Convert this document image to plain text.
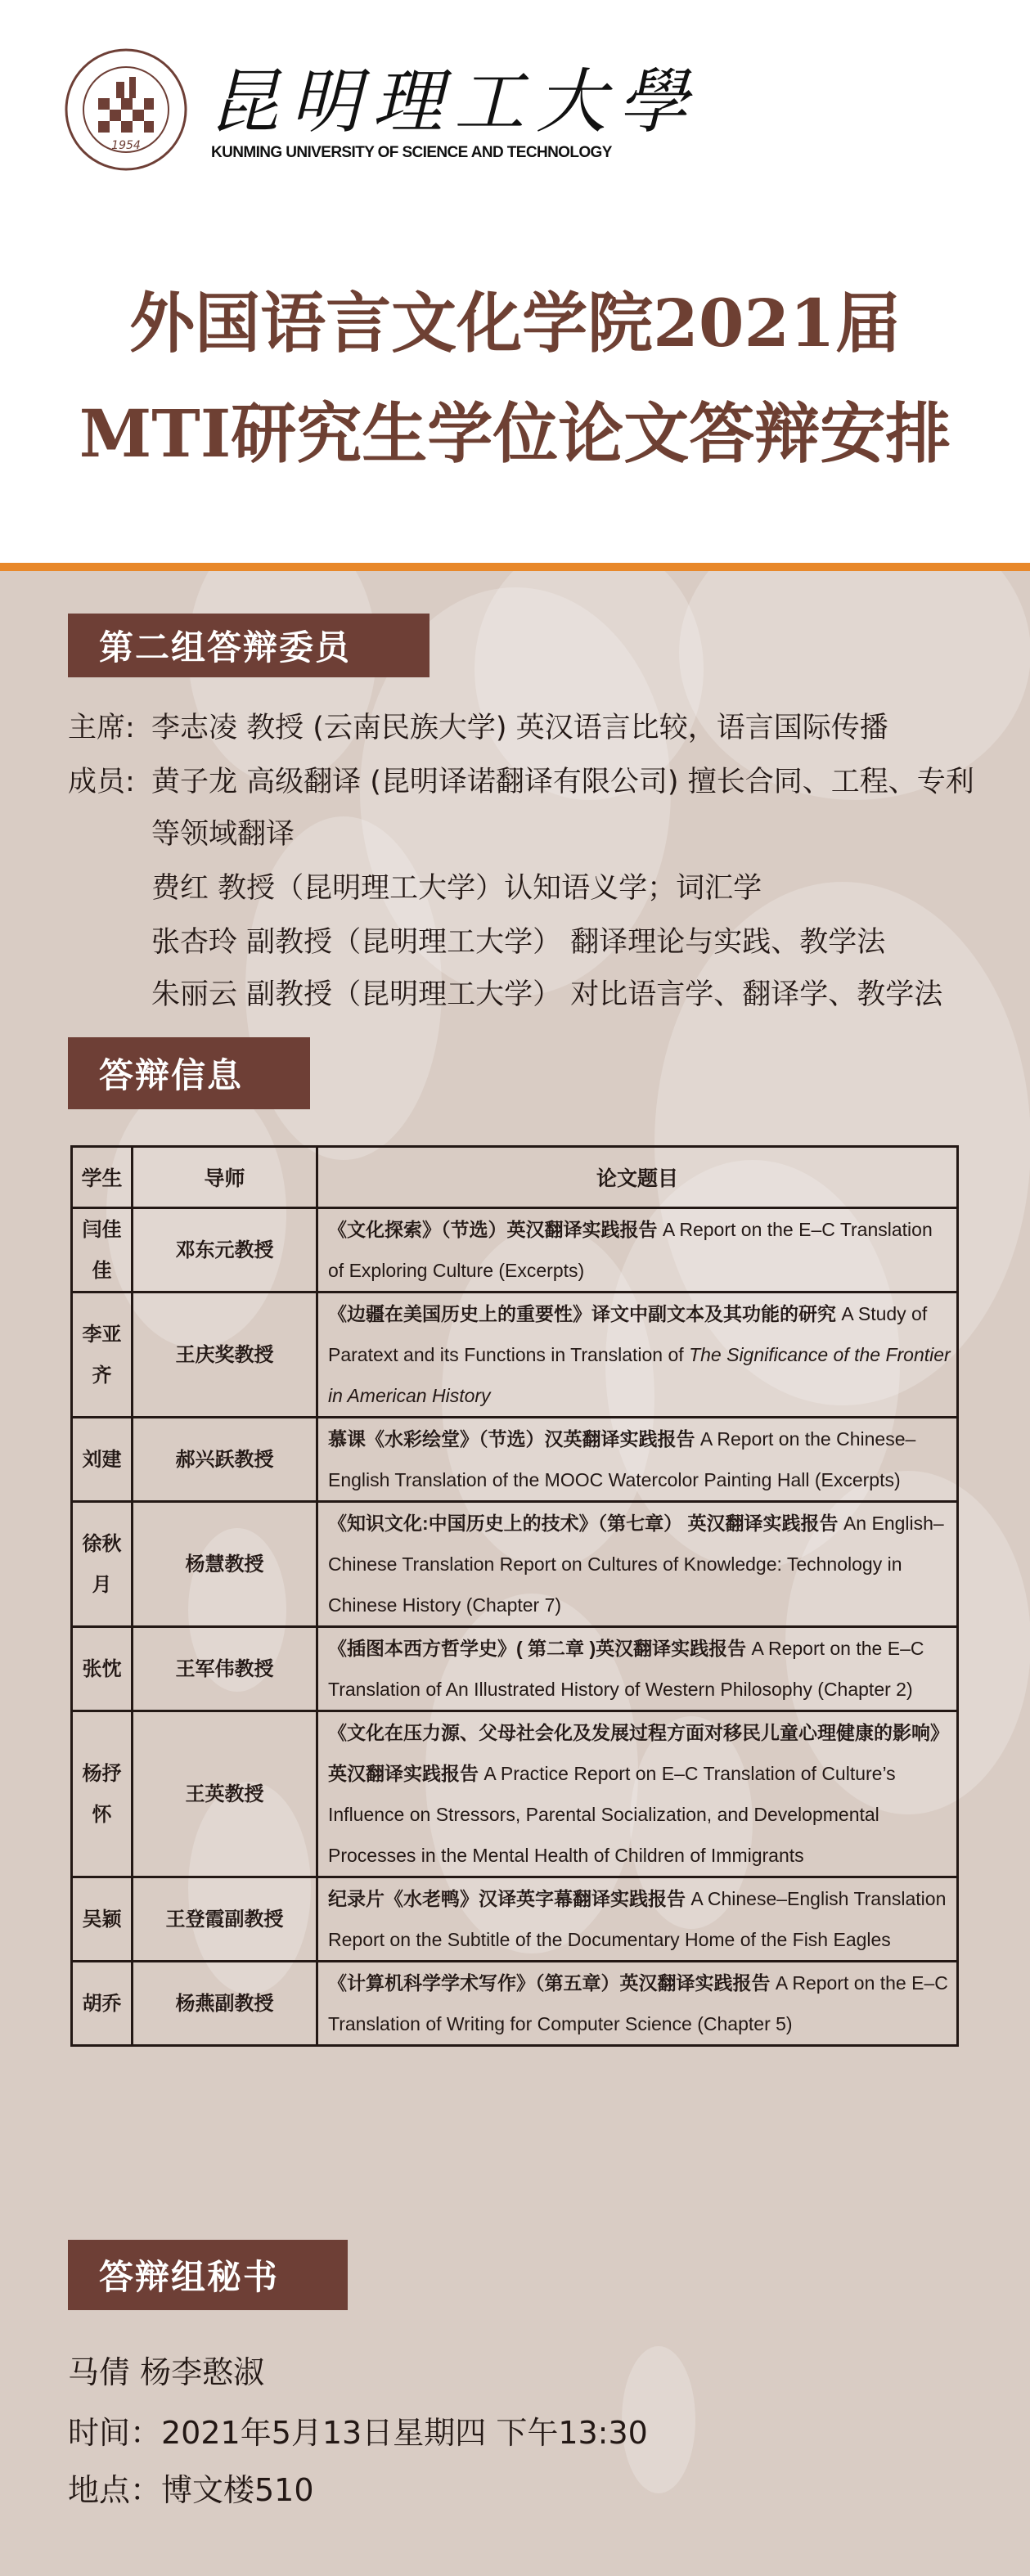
1954
昆明理工大學
KUNMING UNIVERSITY OF SCIENCE AND TECHNOLOGY
外国语言文化学院2021届
MTI研究生学位论文答辩安排
第二组答辩委员
主席: 李志凌 教授 (云南民族大学) 英汉语言比较，语言国际传播
成员: 黄子龙 高级翻译 (昆明译诺翻译有限公司) 擅长合同、工程、专利
等领域翻译
费红 教授（昆明理工大学）认知语义学；词汇学
张杏玲 副教授（昆明理工大学） 翻译理论与实践、教学法
朱丽云 副教授（昆明理工大学） 对比语言学、翻译学、教学法
答辩信息
学生	导师	论文题目
闫佳佳	邓东元教授	《文化探索》（节选）英汉翻译实践报告 A Report on the E–C Translation of Exploring Culture (Excerpts)
李亚齐	王庆奖教授	《边疆在美国历史上的重要性》译文中副文本及其功能的研究 A Study of Paratext and its Functions in Translation of The Significance of the Frontier in American History
刘建	郝兴跃教授	慕课《水彩绘堂》（节选）汉英翻译实践报告 A Report on the Chinese–English Translation of the MOOC Watercolor Painting Hall (Excerpts)
徐秋月	杨慧教授	《知识文化:中国历史上的技术》（第七章） 英汉翻译实践报告 An English–Chinese Translation Report on Cultures of Knowledge: Technology in Chinese History (Chapter 7)
张忱	王军伟教授	《插图本西方哲学史》( 第二章 )英汉翻译实践报告 A Report on the E–C Translation of An Illustrated History of Western Philosophy (Chapter 2)
杨抒怀	王英教授	《文化在压力源、父母社会化及发展过程方面对移民儿童心理健康的影响》英汉翻译实践报告 A Practice Report on E–C Translation of Culture’s Influence on Stressors, Parental Socialization, and Developmental Processes in the Mental Health of Children of Immigrants
吴颖	王登霞副教授	纪录片《水老鸭》汉译英字幕翻译实践报告 A Chinese–English Translation Report on the Subtitle of the Documentary Home of the Fish Eagles
胡乔	杨燕副教授	《计算机科学学术写作》（第五章）英汉翻译实践报告 A Report on the E–C Translation of Writing for Computer Science (Chapter 5)
答辩组秘书
马倩 杨李憨淑
时间：2021年5月13日星期四 下午13:30
地点：博文楼510
